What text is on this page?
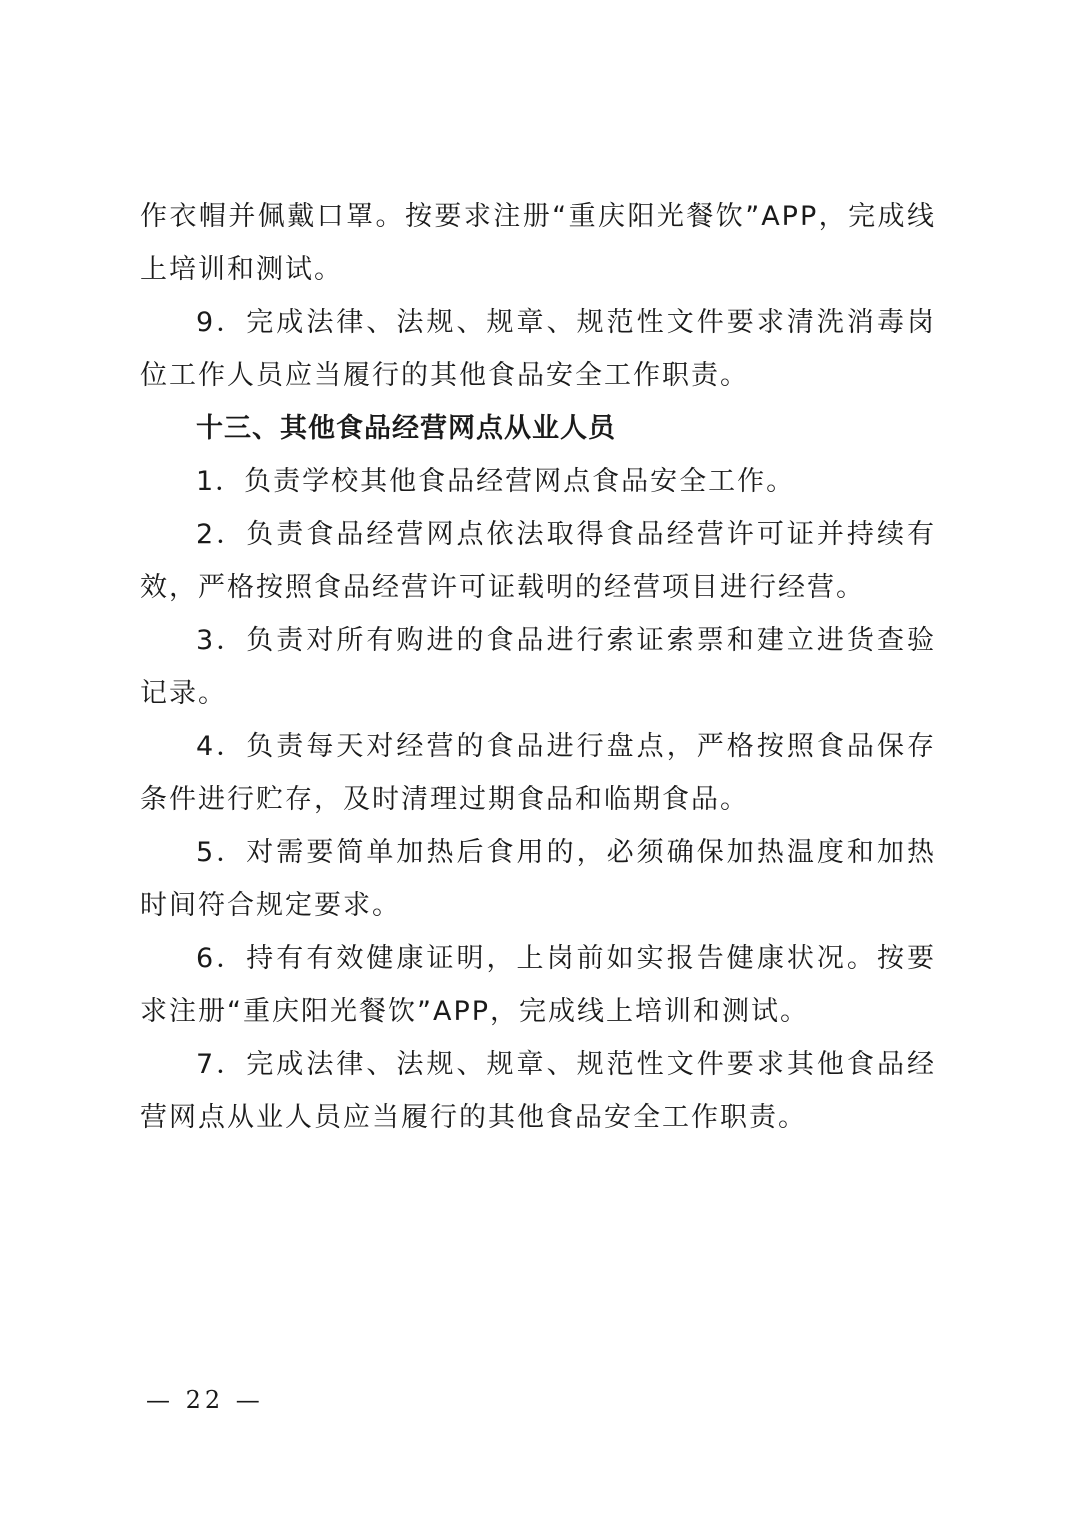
作衣帽并佩戴口罩。按要求注册“重庆阳光餐饮”APP，完成线上培训和测试。

9．完成法律、法规、规章、规范性文件要求清洗消毒岗位工作人员应当履行的其他食品安全工作职责。

十三、其他食品经营网点从业人员

1．负责学校其他食品经营网点食品安全工作。

2．负责食品经营网点依法取得食品经营许可证并持续有效，严格按照食品经营许可证载明的经营项目进行经营。

3．负责对所有购进的食品进行索证索票和建立进货查验记录。

4．负责每天对经营的食品进行盘点，严格按照食品保存条件进行贮存，及时清理过期食品和临期食品。

5．对需要简单加热后食用的，必须确保加热温度和加热时间符合规定要求。

6．持有有效健康证明，上岗前如实报告健康状况。按要求注册“重庆阳光餐饮”APP，完成线上培训和测试。

7．完成法律、法规、规章、规范性文件要求其他食品经营网点从业人员应当履行的其他食品安全工作职责。

— 22 —
